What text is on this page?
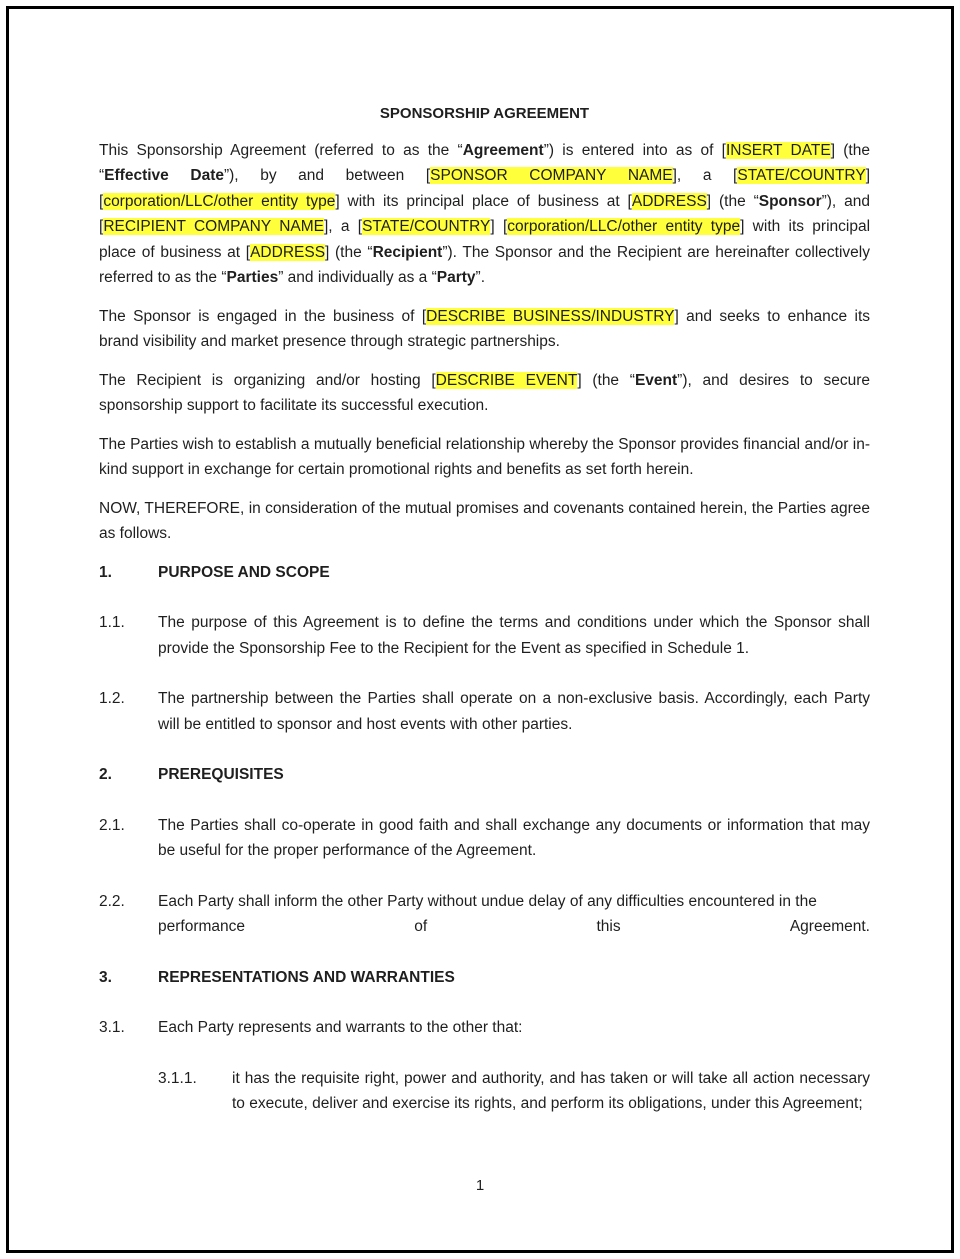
SPONSORSHIP AGREEMENT

This Sponsorship Agreement (referred to as the “Agreement”) is entered into as of [INSERT DATE] (the “Effective Date”), by and between [SPONSOR COMPANY NAME], a [STATE/COUNTRY] [corporation/LLC/other entity type] with its principal place of business at [ADDRESS] (the “Sponsor”), and [RECIPIENT COMPANY NAME], a [STATE/COUNTRY] [corporation/LLC/other entity type] with its principal place of business at [ADDRESS] (the “Recipient”). The Sponsor and the Recipient are hereinafter collectively referred to as the “Parties” and individually as a “Party”.

The Sponsor is engaged in the business of [DESCRIBE BUSINESS/INDUSTRY] and seeks to enhance its brand visibility and market presence through strategic partnerships.

The Recipient is organizing and/or hosting [DESCRIBE EVENT] (the “Event”), and desires to secure sponsorship support to facilitate its successful execution.

The Parties wish to establish a mutually beneficial relationship whereby the Sponsor provides financial and/or in-kind support in exchange for certain promotional rights and benefits as set forth herein.

NOW, THEREFORE, in consideration of the mutual promises and covenants contained herein, the Parties agree as follows.

1.	PURPOSE AND SCOPE
1.1.	The purpose of this Agreement is to define the terms and conditions under which the Sponsor shall provide the Sponsorship Fee to the Recipient for the Event as specified in Schedule 1.
1.2.	The partnership between the Parties shall operate on a non-exclusive basis. Accordingly, each Party will be entitled to sponsor and host events with other parties.
2.	PREREQUISITES
2.1.	The Parties shall co-operate in good faith and shall exchange any documents or information that may be useful for the proper performance of the Agreement.
2.2.	Each Party shall inform the other Party without undue delay of any difficulties encountered in the
performance	of	this	Agreement.
3.	REPRESENTATIONS AND WARRANTIES
3.1.	Each Party represents and warrants to the other that:
3.1.1.	it has the requisite right, power and authority, and has taken or will take all action necessary to execute, deliver and exercise its rights, and perform its obligations, under this Agreement;
1
